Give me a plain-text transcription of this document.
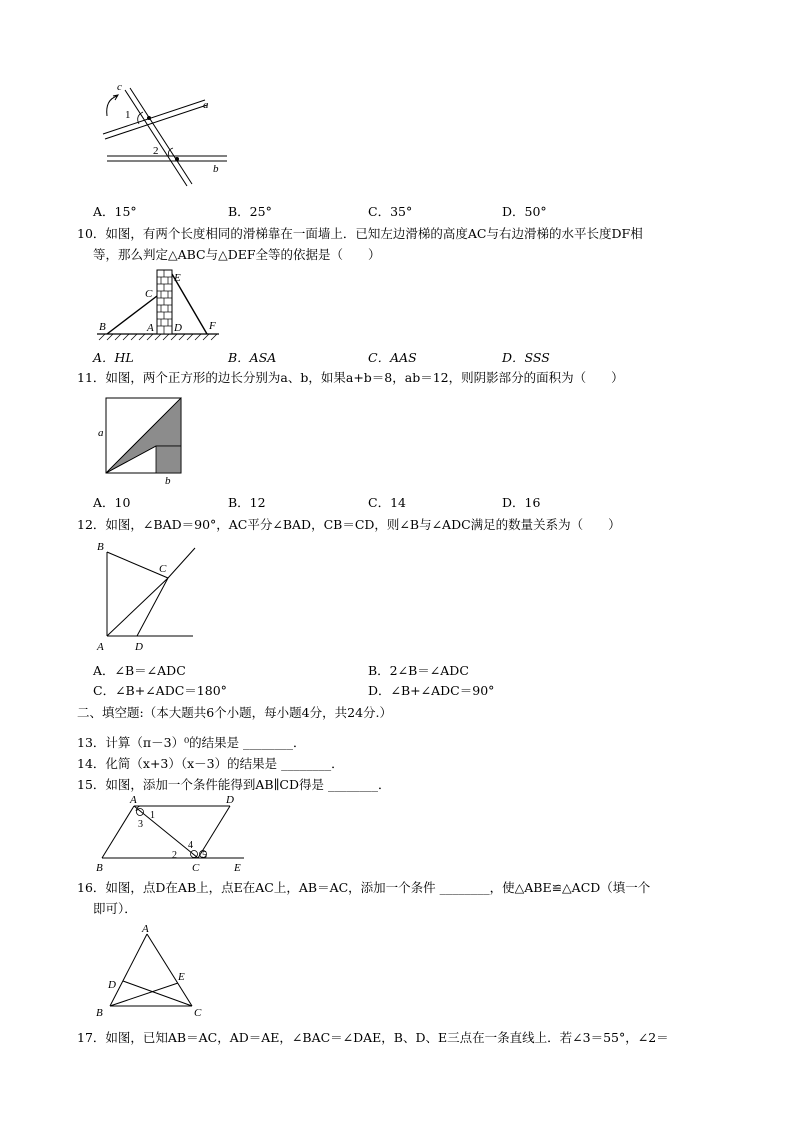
c
a
b
1
2
A．15°	B．25°	C．35°	D．50°
10．如图，有两个长度相同的滑梯靠在一面墙上．已知左边滑梯的高度AC与右边滑梯的水平长度DF相
等，那么判定△ABC与△DEF全等的依据是（　　）
B	A
C
D
E
F
A．HL	B．ASA	C．AAS	D．SSS
11．如图，两个正方形的边长分别为a、b，如果a+b＝8，ab＝12，则阴影部分的面积为（　　）
a
b
A．10	B．12	C．14	D．16
12．如图，∠BAD＝90°，AC平分∠BAD，CB＝CD，则∠B与∠ADC满足的数量关系为（　　）
B
C
A	D
A．∠B＝∠ADC	B．2∠B＝∠ADC
C．∠B+∠ADC＝180°	D．∠B+∠ADC＝90°
二、填空题:（本大题共6个小题，每小题4分，共24分.）
13．计算（π－3）⁰的结果是 ________．
14．化简（x+3）（x－3）的结果是 ________．
15．如图，添加一个条件能得到AB∥CD得是 ________．
A	D
B	C	E
1
3
2
4
5
16．如图，点D在AB上，点E在AC上，AB＝AC，添加一个条件 ________，使△ABE≌△ACD（填一个
即可）．
A
D
E
B	C
17．如图，已知AB＝AC，AD＝AE，∠BAC＝∠DAE，B、D、E三点在一条直线上．若∠3＝55°，∠2＝
